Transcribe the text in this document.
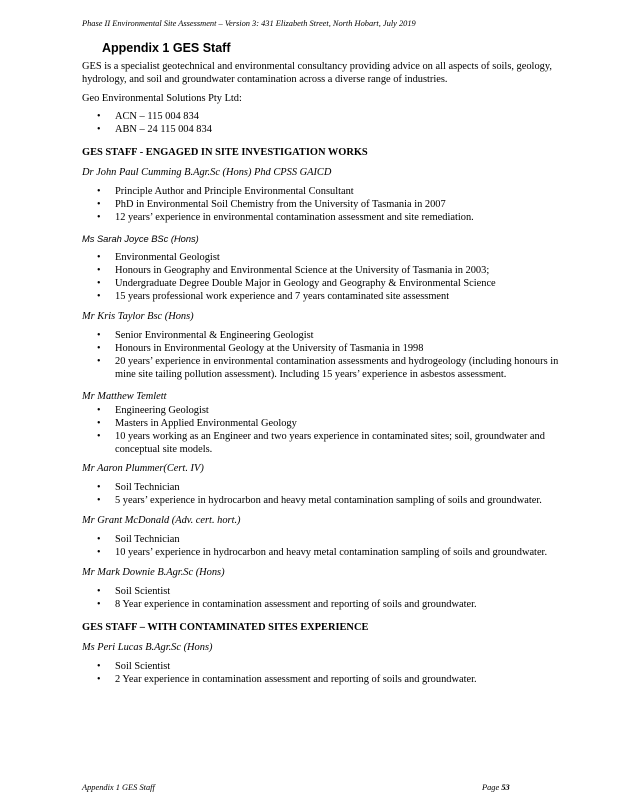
Phase II Environmental Site Assessment – Version 3: 431 Elizabeth Street, North Hobart, July 2019
Appendix 1 GES Staff
GES is a specialist geotechnical and environmental consultancy providing advice on all aspects of soils, geology, hydrology, and soil and groundwater contamination across a diverse range of industries.
Geo Environmental Solutions Pty Ltd:
• ACN – 115 004 834
• ABN – 24 115 004 834
GES STAFF - ENGAGED IN SITE INVESTIGATION WORKS
Dr John Paul Cumming B.Agr.Sc (Hons) Phd CPSS GAICD
• Principle Author and Principle Environmental Consultant
• PhD in Environmental Soil Chemistry from the University of Tasmania in 2007
• 12 years’ experience in environmental contamination assessment and site remediation.
Ms Sarah Joyce BSc (Hons)
• Environmental Geologist
• Honours in Geography and Environmental Science at the University of Tasmania in 2003;
• Undergraduate Degree Double Major in Geology and Geography & Environmental Science
• 15 years professional work experience and 7 years contaminated site assessment
Mr Kris Taylor Bsc (Hons)
• Senior Environmental & Engineering Geologist
• Honours in Environmental Geology at the University of Tasmania in 1998
• 20 years’ experience in environmental contamination assessments and hydrogeology (including honours in mine site tailing pollution assessment). Including 15 years’ experience in asbestos assessment.
Mr Matthew Temlett
• Engineering Geologist
• Masters in Applied Environmental Geology
• 10 years working as an Engineer and two years experience in contaminated sites; soil, groundwater and conceptual site models.
Mr Aaron Plummer(Cert. IV)
• Soil Technician
• 5 years’ experience in hydrocarbon and heavy metal contamination sampling of soils and groundwater.
Mr Grant McDonald (Adv. cert. hort.)
• Soil Technician
• 10 years’ experience in hydrocarbon and heavy metal contamination sampling of soils and groundwater.
Mr Mark Downie B.Agr.Sc (Hons)
• Soil Scientist
• 8 Year experience in contamination assessment and reporting of soils and groundwater.
GES STAFF – WITH CONTAMINATED SITES EXPERIENCE
Ms Peri Lucas B.Agr.Sc (Hons)
• Soil Scientist
• 2 Year experience in contamination assessment and reporting of soils and groundwater.
Appendix 1 GES Staff	Page 53
